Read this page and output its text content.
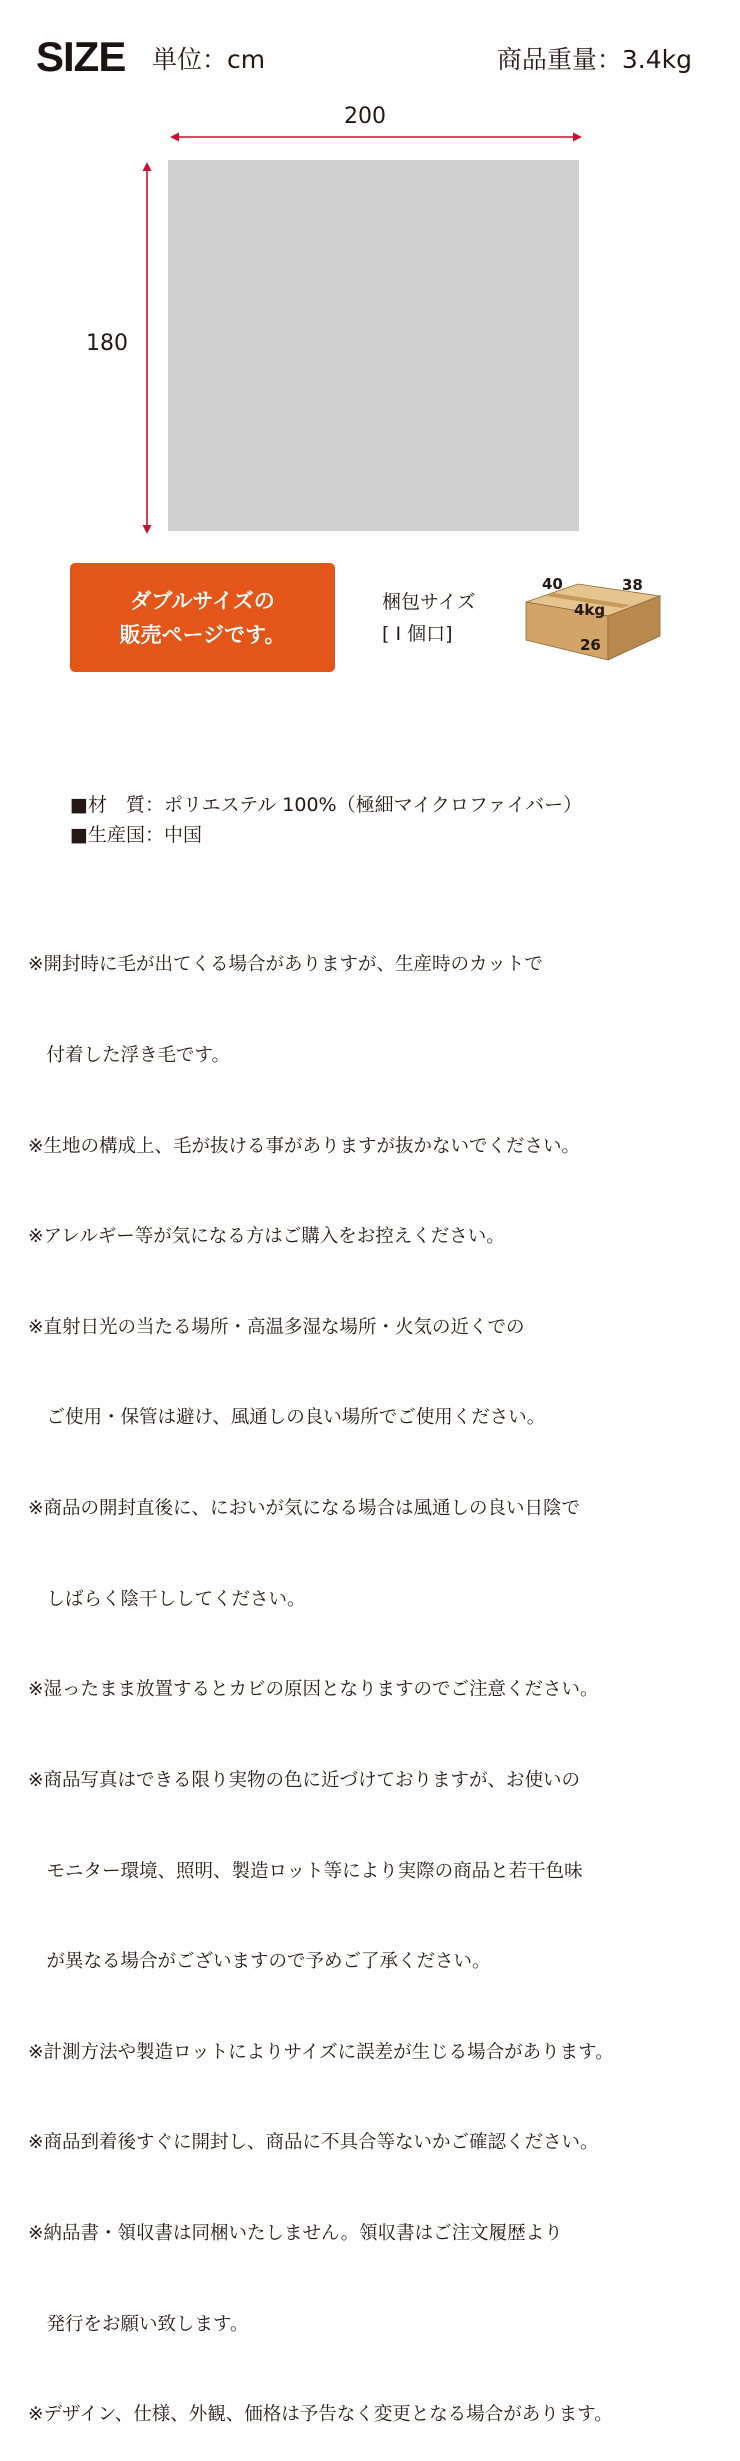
SIZE 単位：cm	商品重量：3.4kg
200
180
ダブルサイズの
販売ページです。
梱包サイズ
[ I 個口]
40	38
4kg
26
■材　質：ポリエステル 100%（極細マイクロファイバー）
■生産国：中国

※開封時に毛が出てくる場合がありますが、生産時のカットで

　付着した浮き毛です。

※生地の構成上、毛が抜ける事がありますが抜かないでください。

※アレルギー等が気になる方はご購入をお控えください。

※直射日光の当たる場所・高温多湿な場所・火気の近くでの

　ご使用・保管は避け、風通しの良い場所でご使用ください。

※商品の開封直後に、においが気になる場合は風通しの良い日陰で

　しばらく陰干ししてください。

※湿ったまま放置するとカビの原因となりますのでご注意ください。

※商品写真はできる限り実物の色に近づけておりますが、お使いの

　モニター環境、照明、製造ロット等により実際の商品と若干色味

　が異なる場合がございますので予めご了承ください。

※計測方法や製造ロットによりサイズに誤差が生じる場合があります。

※商品到着後すぐに開封し、商品に不具合等ないかご確認ください。

※納品書・領収書は同梱いたしません。領収書はご注文履歴より

　発行をお願い致します。

※デザイン、仕様、外観、価格は予告なく変更となる場合があります。
